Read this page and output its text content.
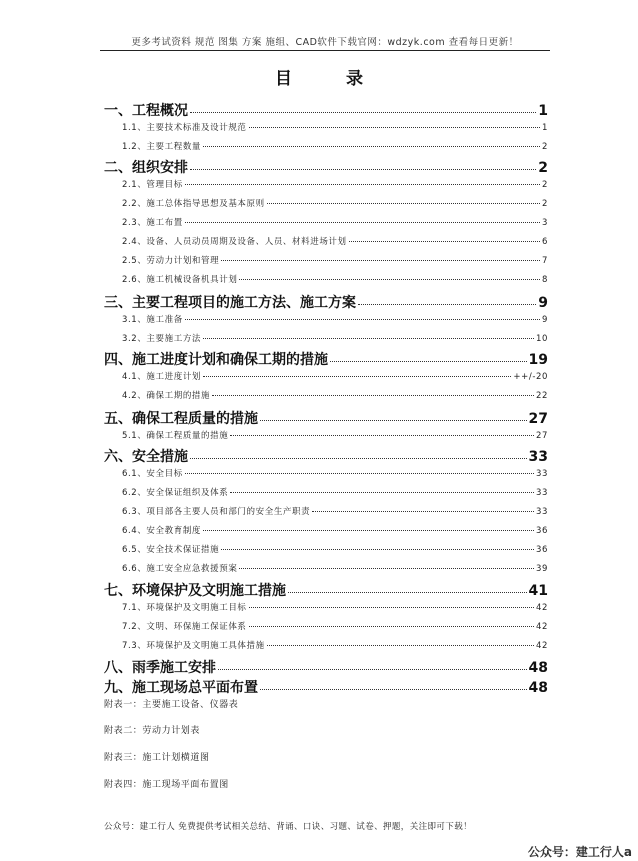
更多考试资料 规范 图集 方案 施组、CAD软件下载官网：wdzyk.com 查看每日更新！
目 录
一、工程概况	1
1.1、主要技术标准及设计规范	1
1.2、主要工程数量	2
二、组织安排	2
2.1、管理目标	2
2.2、施工总体指导思想及基本原则	2
2.3、施工布置	3
2.4、设备、人员动员周期及设备、人员、材料进场计划	6
2.5、劳动力计划和管理	7
2.6、施工机械设备机具计划	8
三、主要工程项目的施工方法、施工方案	9
3.1、施工准备	9
3.2、主要施工方法	10
四、施工进度计划和确保工期的措施	19
4.1、施工进度计划	++/-20
4.2、确保工期的措施	22
五、确保工程质量的措施	27
5.1、确保工程质量的措施	27
六、安全措施	33
6.1、安全目标	33
6.2、安全保证组织及体系	33
6.3、项目部各主要人员和部门的安全生产职责	33
6.4、安全教育制度	36
6.5、安全技术保证措施	36
6.6、施工安全应急救援预案	39
七、环境保护及文明施工措施	41
7.1、环境保护及文明施工目标	42
7.2、文明、环保施工保证体系	42
7.3、环境保护及文明施工具体措施	42
八、雨季施工安排	48
九、施工现场总平面布置	48
附表一：主要施工设备、仪器表
附表二：劳动力计划表
附表三：施工计划横道图
附表四：施工现场平面布置图
公众号：建工行人 免费提供考试相关总结、背诵、口诀、习题、试卷、押题，关注即可下载！
公众号：建工行人a
